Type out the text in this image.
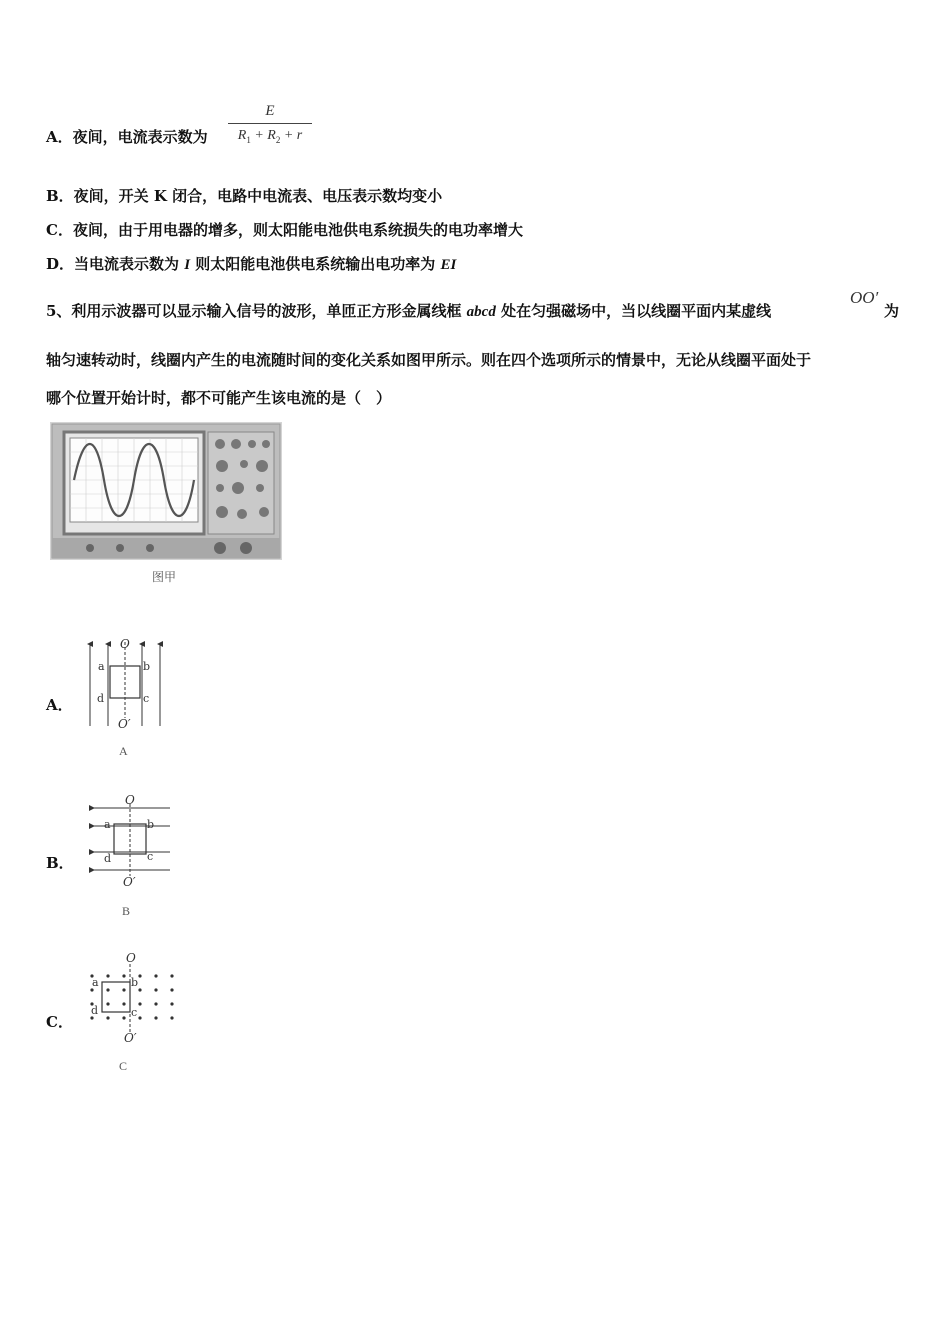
A．夜间，电流表示数为
E
$R_1 + R_2 + r$
B．夜间，开关 K 闭合，电路中电流表、电压表示数均变小
C．夜间，由于用电器的增多，则太阳能电池供电系统损失的电功率增大
D．当电流表示数为 I 则太阳能电池供电系统输出电功率为 EI
5、利用示波器可以显示输入信号的波形，单匝正方形金属线框 abcd 处在匀强磁场中，当以线圈平面内某虚线
OO′
为
轴匀速转动时，线圈内产生的电流随时间的变化关系如图甲所示。则在四个选项所示的情景中，无论从线圈平面处于
哪个位置开始计时，都不可能产生该电流的是（　）
图甲
A．
O
O′
a	b
c
d
A
B．
O
O′
a	b
c
d
B
C．
O
O′
a	b
c
d
C
